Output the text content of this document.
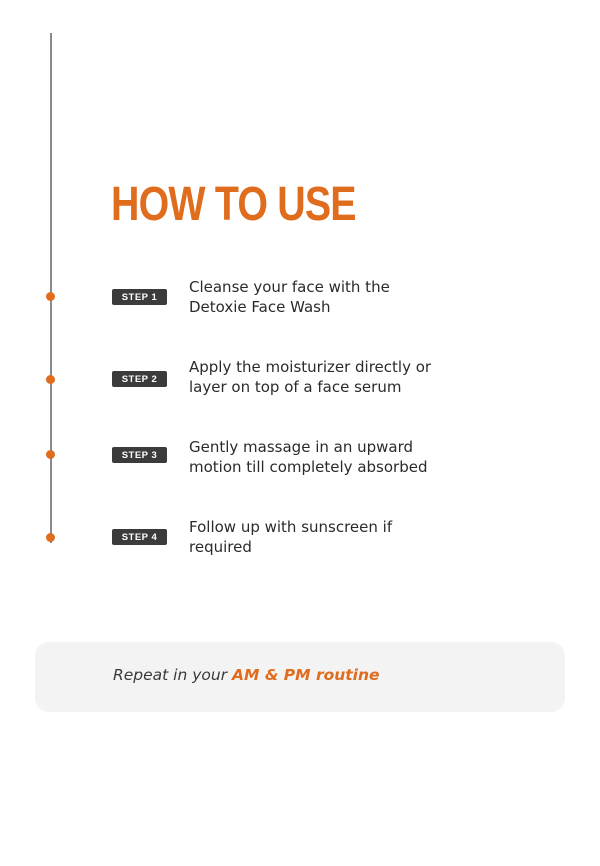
HOW TO USE
STEP 1
Cleanse your face with the Detoxie Face Wash
STEP 2
Apply the moisturizer directly or layer on top of a face serum
STEP 3	Gently massage in an upward motion till completely absorbed
STEP 4
Follow up with sunscreen if required
Repeat in your AM & PM routine
